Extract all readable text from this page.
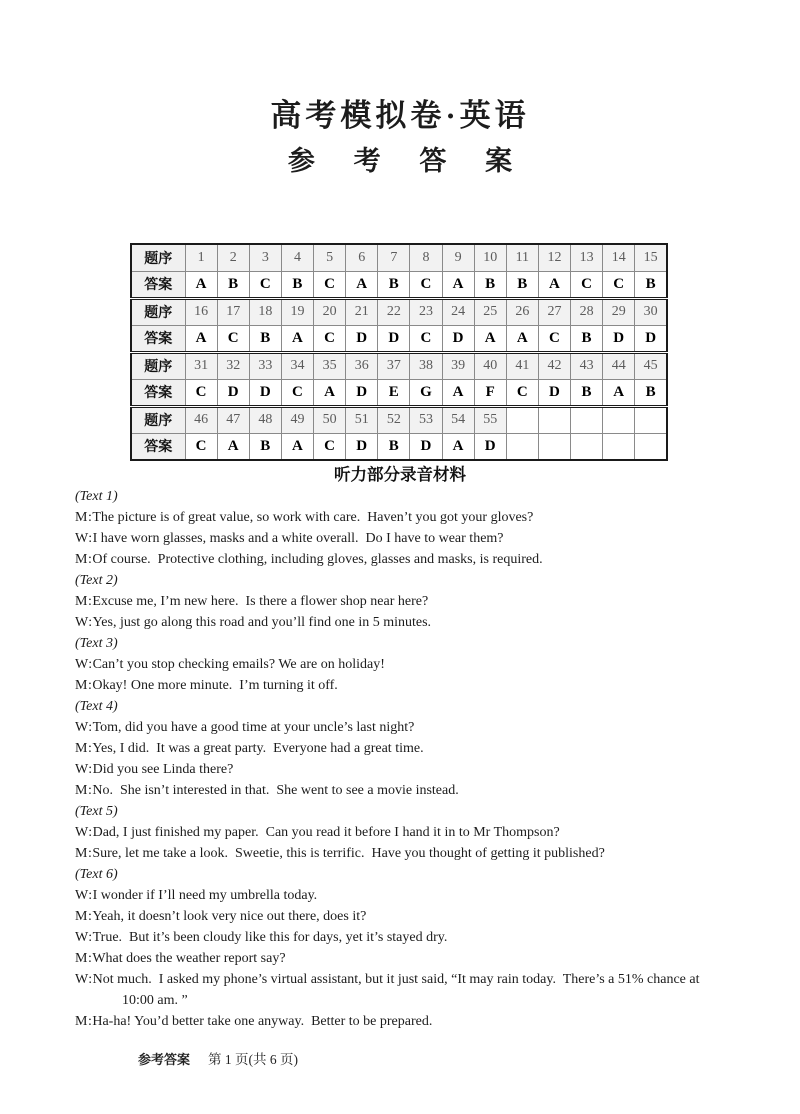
高考模拟卷·英语
参 考 答 案
题序	1	2	3	4	5	6	7	8	9	10	11	12	13	14	15
答案	A	B	C	B	C	A	B	C	A	B	B	A	C	C	B
题序	16	17	18	19	20	21	22	23	24	25	26	27	28	29	30
答案	A	C	B	A	C	D	D	C	D	A	A	C	B	D	D
题序	31	32	33	34	35	36	37	38	39	40	41	42	43	44	45
答案	C	D	D	C	A	D	E	G	A	F	C	D	B	A	B
题序	46	47	48	49	50	51	52	53	54	55					
答案	C	A	B	A	C	D	B	D	A	D					
听力部分录音材料
(Text 1)
M:The picture is of great value, so work with care.  Haven’t you got your gloves?
W:I have worn glasses, masks and a white overall.  Do I have to wear them?
M:Of course.  Protective clothing, including gloves, glasses and masks, is required.
(Text 2)
M:Excuse me, I’m new here.  Is there a flower shop near here?
W:Yes, just go along this road and you’ll find one in 5 minutes.
(Text 3)
W:Can’t you stop checking emails? We are on holiday!
M:Okay! One more minute.  I’m turning it off.
(Text 4)
W:Tom, did you have a good time at your uncle’s last night?
M:Yes, I did.  It was a great party.  Everyone had a great time.
W:Did you see Linda there?
M:No.  She isn’t interested in that.  She went to see a movie instead.
(Text 5)
W:Dad, I just finished my paper.  Can you read it before I hand it in to Mr Thompson?
M:Sure, let me take a look.  Sweetie, this is terrific.  Have you thought of getting it published?
(Text 6)
W:I wonder if I’ll need my umbrella today.
M:Yeah, it doesn’t look very nice out there, does it?
W:True.  But it’s been cloudy like this for days, yet it’s stayed dry.
M:What does the weather report say?
W:Not much.  I asked my phone’s virtual assistant, but it just said, “It may rain today.  There’s a 51% chance at
10:00 am. ”
M:Ha-ha! You’d better take one anyway.  Better to be prepared.
参考答案 第 1 页(共 6 页)
